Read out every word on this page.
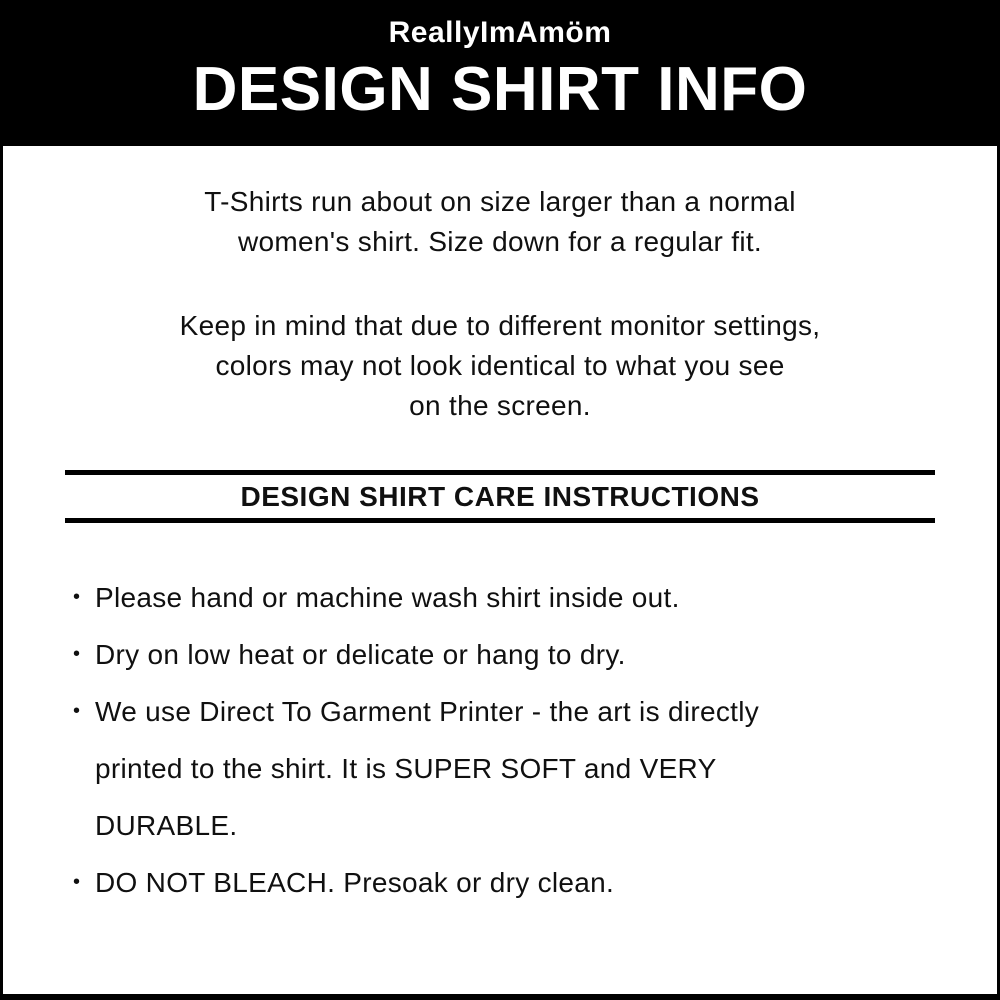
ReallyImAmöm
DESIGN SHIRT INFO

T-Shirts run about on size larger than a normal
women's shirt. Size down for a regular fit.

Keep in mind that due to different monitor settings,
colors may not look identical to what you see
on the screen.

DESIGN SHIRT CARE INSTRUCTIONS
• Please hand or machine wash shirt inside out.
• Dry on low heat or delicate or hang to dry.
• We use Direct To Garment Printer - the art is directly
printed to the shirt. It is SUPER SOFT and VERY
DURABLE.
• DO NOT BLEACH. Presoak or dry clean.
